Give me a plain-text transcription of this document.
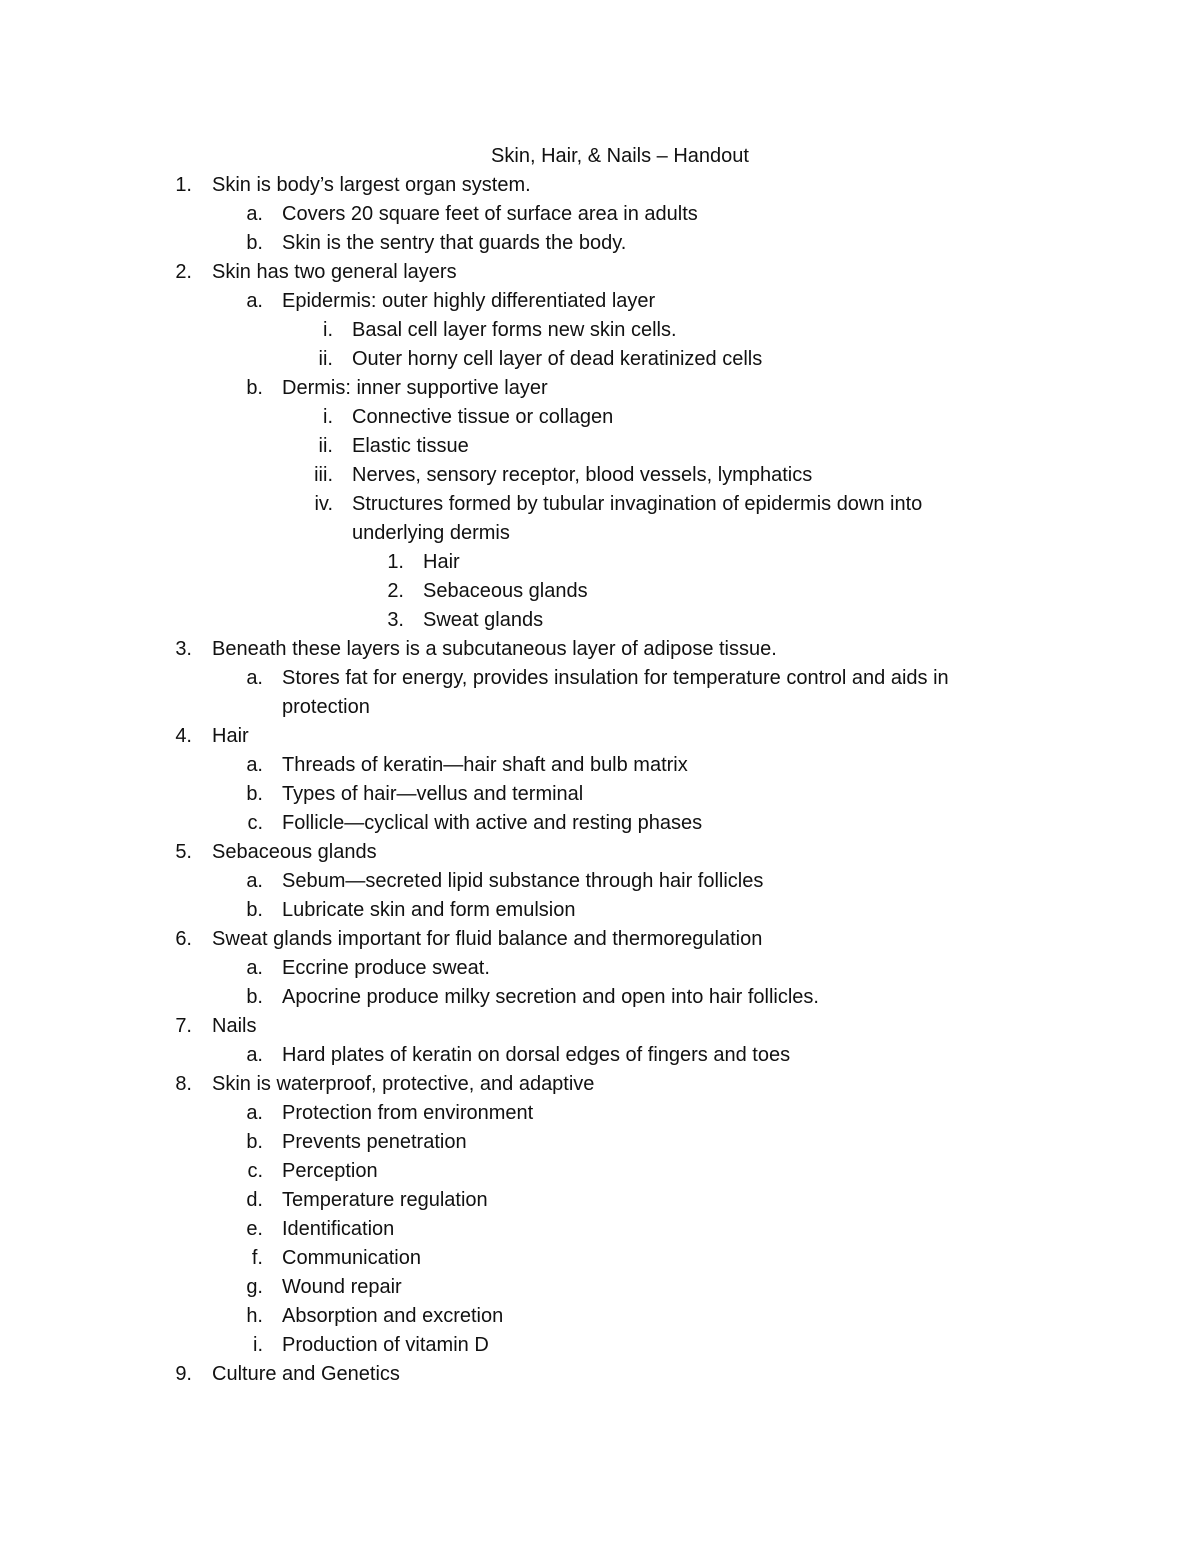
Skin, Hair, & Nails – Handout
1. Skin is body’s largest organ system.
a. Covers 20 square feet of surface area in adults
b. Skin is the sentry that guards the body.
2. Skin has two general layers
a. Epidermis: outer highly differentiated layer
i. Basal cell layer forms new skin cells.
ii. Outer horny cell layer of dead keratinized cells
b. Dermis: inner supportive layer
i. Connective tissue or collagen
ii. Elastic tissue
iii. Nerves, sensory receptor, blood vessels, lymphatics
iv. Structures formed by tubular invagination of epidermis down into
underlying dermis
1. Hair
2. Sebaceous glands
3. Sweat glands
3. Beneath these layers is a subcutaneous layer of adipose tissue.
a. Stores fat for energy, provides insulation for temperature control and aids in
protection
4. Hair
a. Threads of keratin—hair shaft and bulb matrix
b. Types of hair—vellus and terminal
c. Follicle—cyclical with active and resting phases
5. Sebaceous glands
a. Sebum—secreted lipid substance through hair follicles
b. Lubricate skin and form emulsion
6. Sweat glands important for fluid balance and thermoregulation
a. Eccrine produce sweat.
b. Apocrine produce milky secretion and open into hair follicles.
7. Nails
a. Hard plates of keratin on dorsal edges of fingers and toes
8. Skin is waterproof, protective, and adaptive
a. Protection from environment
b. Prevents penetration
c. Perception
d. Temperature regulation
e. Identification
f. Communication
g. Wound repair
h. Absorption and excretion
i. Production of vitamin D
9. Culture and Genetics
